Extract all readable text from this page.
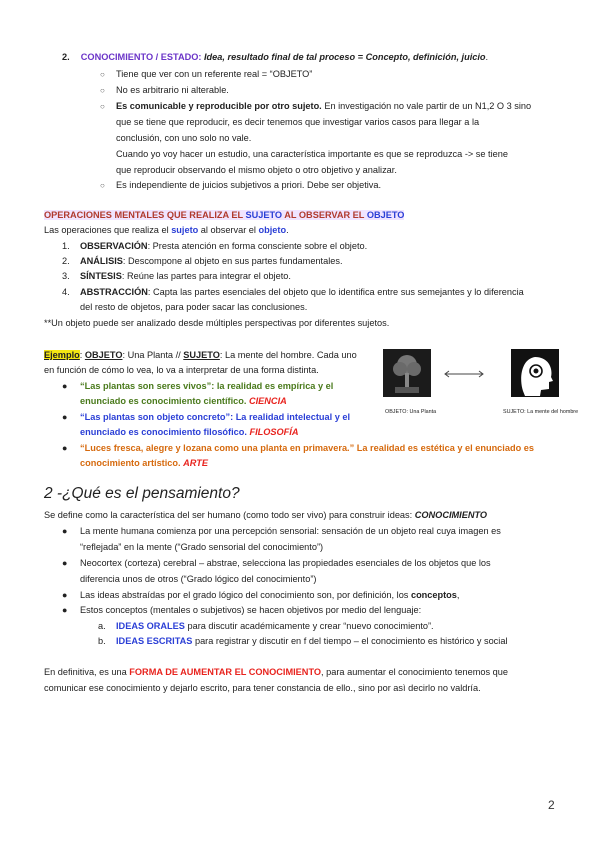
2. CONOCIMIENTO / ESTADO: Idea, resultado final de tal proceso = Concepto, definición, juicio.
○ Tiene que ver con un referente real = “OBJETO”
○ No es arbitrario ni alterable.
○ Es comunicable y reproducible por otro sujeto. En investigación no vale partir de un N1,2 O 3 sino
que se tiene que reproducir, es decir tenemos que investigar varios casos para llegar a la
conclusión, con uno solo no vale.
Cuando yo voy hacer un estudio, una característica importante es que se reproduzca -> se tiene
que reproducir observando el mismo objeto o otro objetivo y analizar.
○ Es independiente de juicios subjetivos a priori. Debe ser objetiva.
OPERACIONES MENTALES QUE REALIZA EL SUJETO AL OBSERVAR EL OBJETO
Las operaciones que realiza el sujeto al observar el objeto.
1. OBSERVACIÓN: Presta atención en forma consciente sobre el objeto.
2. ANÁLISIS: Descompone al objeto en sus partes fundamentales.
3. SÍNTESIS: Reúne las partes para integrar el objeto.
4. ABSTRACCIÓN: Capta las partes esenciales del objeto que lo identifica entre sus semejantes y lo diferencia
del resto de objetos, para poder sacar las conclusiones.
**Un objeto puede ser analizado desde múltiples perspectivas por diferentes sujetos.
Ejemplo: OBJETO: Una Planta // SUJETO: La mente del hombre. Cada uno
en función de cómo lo vea, lo va a interpretar de una forma distinta.
● “Las plantas son seres vivos”: la realidad es empírica y el
enunciado es conocimiento científico. CIENCIA
● “Las plantas son objeto concreto”: La realidad intelectual y el
enunciado es conocimiento filosófico. FILOSOFÍA
● “Luces fresca, alegre y lozana como una planta en primavera.” La realidad es estética y el enunciado es
conocimiento artístico. ARTE
OBJETO: Una Planta	SUJETO: La mente del hombre
2 -¿Qué es el pensamiento?
Se define como la característica del ser humano (como todo ser vivo) para construir ideas: CONOCIMIENTO
● La mente humana comienza por una percepción sensorial: sensación de un objeto real cuya imagen es
“reflejada” en la mente (“Grado sensorial del conocimiento”)
● Neocortex (corteza) cerebral – abstrae, selecciona las propiedades esenciales de los objetos que los
diferencia unos de otros (“Grado lógico del conocimiento”)
● Las ideas abstraídas por el grado lógico del conocimiento son, por definición, los conceptos,
● Estos conceptos (mentales o subjetivos) se hacen objetivos por medio del lenguaje:
a. IDEAS ORALES para discutir académicamente y crear “nuevo conocimiento”.
b. IDEAS ESCRITAS para registrar y discutir en f del tiempo – el conocimiento es histórico y social
En definitiva, es una FORMA DE AUMENTAR EL CONOCIMIENTO, para aumentar el conocimiento tenemos que
comunicar ese conocimiento y dejarlo escrito, para tener constancia de ello., sino por asì decirlo no valdría.
2
